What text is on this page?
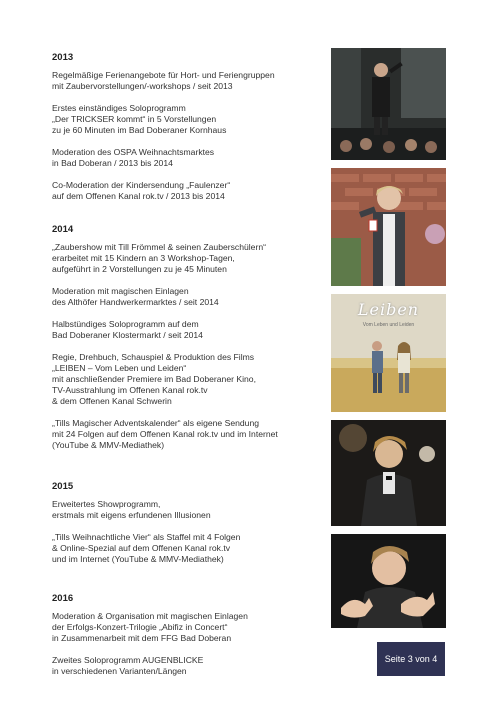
2013

Regelmäßige Ferienangebote für Hort- und Feriengruppen
mit Zaubervorstellungen/-workshops / seit 2013

Erstes einständiges Soloprogramm
„Der TRICKSER kommt“ in 5 Vorstellungen
zu je 60 Minuten im Bad Doberaner Kornhaus

Moderation des OSPA Weihnachtsmarktes
in Bad Doberan / 2013 bis 2014

Co-Moderation der Kindersendung „Faulenzer“
auf dem Offenen Kanal rok.tv / 2013 bis 2014

2014

„Zaubershow mit Till Frömmel & seinen Zauberschülern“
erarbeitet mit 15 Kindern an 3 Workshop-Tagen,
aufgeführt in 2 Vorstellungen zu je 45 Minuten

Moderation mit magischen Einlagen
des Althöfer Handwerkermarktes / seit 2014

Halbstündiges Soloprogramm auf dem
Bad Doberaner Klostermarkt / seit 2014

Regie, Drehbuch, Schauspiel & Produktion des Films
„LEIBEN – Vom Leben und Leiden“
mit anschließender Premiere im Bad Doberaner Kino,
TV-Ausstrahlung im Offenen Kanal rok.tv
& dem Offenen Kanal Schwerin

„Tills Magischer Adventskalender“ als eigene Sendung
mit 24 Folgen auf dem Offenen Kanal rok.tv und im Internet
(YouTube & MMV-Mediathek)

2015

Erweitertes Showprogramm,
erstmals mit eigens erfundenen Illusionen

„Tills Weihnachtliche Vier“ als Staffel mit 4 Folgen
& Online-Spezial auf dem Offenen Kanal rok.tv
und im Internet (YouTube & MMV-Mediathek)

2016

Moderation & Organisation mit magischen Einlagen
der Erfolgs-Konzert-Trilogie „Abifiz in Concert“
in Zusammenarbeit mit dem FFG Bad Doberan

Zweites Soloprogramm AUGENBLICKE
in verschiedenen Varianten/Längen

Leiben
Vom Leben und Leiden
Seite 3 von 4
